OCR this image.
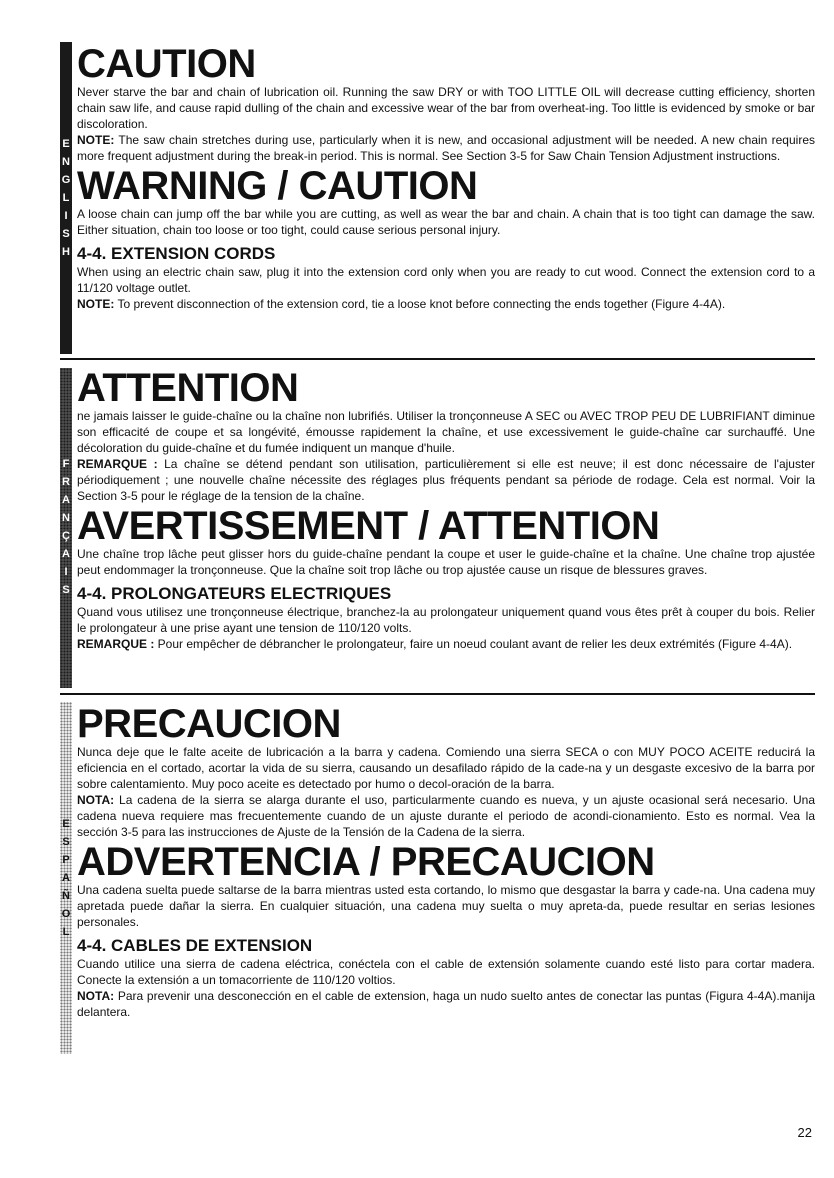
E
N
G
L
I
S
H
CAUTION

Never starve the bar and chain of lubrication oil. Running the saw DRY or with TOO LITTLE OIL will decrease cutting efficiency, shorten chain saw life, and cause rapid dulling of the chain and excessive wear of the bar from overheat-ing. Too little is evidenced by smoke or bar discoloration.

NOTE: The saw chain stretches during use, particularly when it is new, and occasional adjustment will be needed. A new chain requires more frequent adjustment during the break-in period. This is normal. See Section 3-5 for Saw Chain Tension Adjustment instructions.

WARNING / CAUTION

A loose chain can jump off the bar while you are cutting, as well as wear the bar and chain. A chain that is too tight can damage the saw. Either situation, chain too loose or too tight, could cause serious personal injury.

4-4. EXTENSION CORDS

When using an electric chain saw, plug it into the extension cord only when you are ready to cut wood. Connect the extension cord to a 11/120 voltage outlet.

NOTE: To prevent disconnection of the extension cord, tie a loose knot before connecting the ends together (Figure 4-4A).

F
R
A
N
Ç
A
I
S
ATTENTION

ne jamais laisser le guide-chaîne ou la chaîne non lubrifiés. Utiliser la tronçonneuse A SEC ou AVEC TROP PEU DE LUBRIFIANT diminue son efficacité de coupe et sa longévité, émousse rapidement la chaîne, et use excessivement le guide-chaîne car surchauffé. Une décoloration du guide-chaîne et du fumée indiquent un manque d'huile.

REMARQUE : La chaîne se détend pendant son utilisation, particulièrement si elle est neuve; il est donc nécessaire de l'ajuster périodiquement ; une nouvelle chaîne nécessite des réglages plus fréquents pendant sa période de rodage. Cela est normal. Voir la Section 3-5 pour le réglage de la tension de la chaîne.

AVERTISSEMENT / ATTENTION

Une chaîne trop lâche peut glisser hors du guide-chaîne pendant la coupe et user le guide-chaîne et la chaîne. Une chaîne trop ajustée peut endommager la tronçonneuse. Que la chaîne soit trop lâche ou trop ajustée cause un risque de blessures graves.

4-4. PROLONGATEURS ELECTRIQUES

Quand vous utilisez une tronçonneuse électrique, branchez-la au prolongateur uniquement quand vous êtes prêt à couper du bois. Relier le prolongateur à une prise ayant une tension de 110/120 volts.

REMARQUE : Pour empêcher de débrancher le prolongateur, faire un noeud coulant avant de relier les deux extrémités (Figure 4-4A).

E
S
P
A
Ñ
O
L
PRECAUCION

Nunca deje que le falte aceite de lubricación a la barra y cadena. Comiendo una sierra SECA o con MUY POCO ACEITE reducirá la eficiencia en el cortado, acortar la vida de su sierra, causando un desafilado rápido de la cade-na y un desgaste excesivo de la barra por sobre calentamiento. Muy poco aceite es detectado por humo o decol-oración de la barra.

NOTA: La cadena de la sierra se alarga durante el uso, particularmente cuando es nueva, y un ajuste ocasional será necesario. Una cadena nueva requiere mas frecuentemente cuando de un ajuste durante el periodo de acondi-cionamiento. Esto es normal. Vea la sección 3-5 para las instrucciones de Ajuste de la Tensión de la Cadena de la sierra.

ADVERTENCIA / PRECAUCION

Una cadena suelta puede saltarse de la barra mientras usted esta cortando, lo mismo que desgastar la barra y cade-na. Una cadena muy apretada puede dañar la sierra. En cualquier situación, una cadena muy suelta o muy apreta-da, puede resultar en serias lesiones personales.

4-4. CABLES DE EXTENSION

Cuando utilice una sierra de cadena eléctrica, conéctela con el cable de extensión solamente cuando esté listo para cortar madera. Conecte la extensión a un tomacorriente de 110/120 voltios.

NOTA: Para prevenir una desconección en el cable de extension, haga un nudo suelto antes de conectar las puntas (Figura 4-4A).manija delantera.

22
